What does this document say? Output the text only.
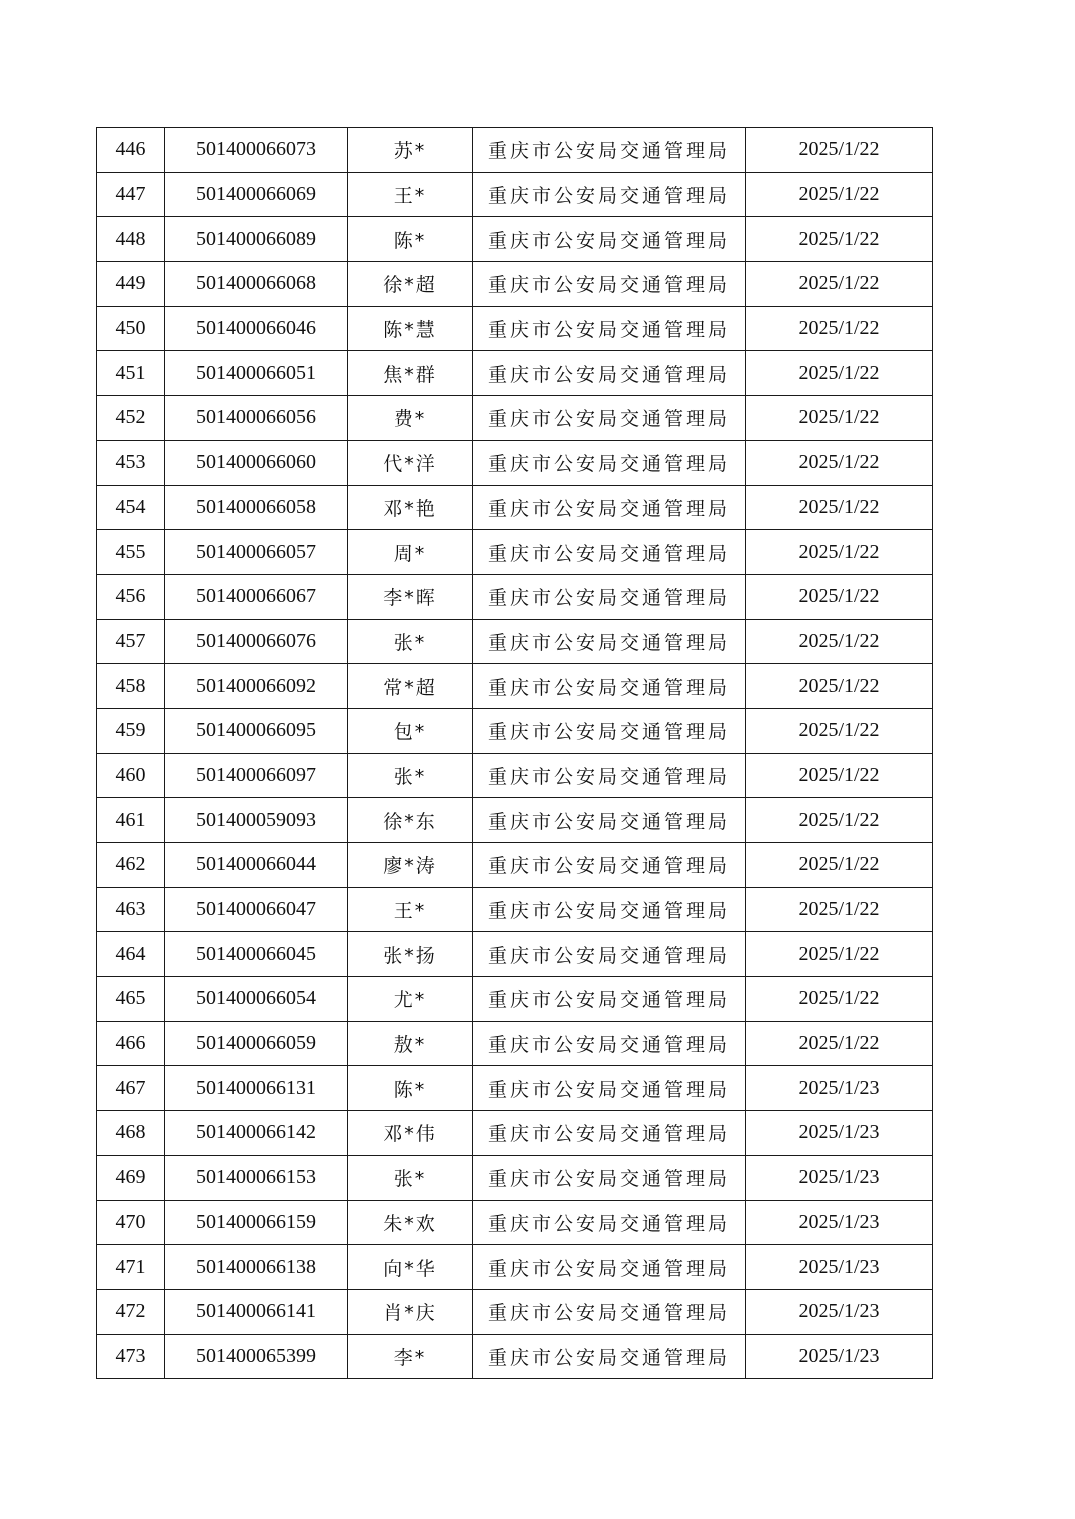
446	501400066073	苏*	重庆市公安局交通管理局	2025/1/22
447	501400066069	王*	重庆市公安局交通管理局	2025/1/22
448	501400066089	陈*	重庆市公安局交通管理局	2025/1/22
449	501400066068	徐*超	重庆市公安局交通管理局	2025/1/22
450	501400066046	陈*慧	重庆市公安局交通管理局	2025/1/22
451	501400066051	焦*群	重庆市公安局交通管理局	2025/1/22
452	501400066056	费*	重庆市公安局交通管理局	2025/1/22
453	501400066060	代*洋	重庆市公安局交通管理局	2025/1/22
454	501400066058	邓*艳	重庆市公安局交通管理局	2025/1/22
455	501400066057	周*	重庆市公安局交通管理局	2025/1/22
456	501400066067	李*晖	重庆市公安局交通管理局	2025/1/22
457	501400066076	张*	重庆市公安局交通管理局	2025/1/22
458	501400066092	常*超	重庆市公安局交通管理局	2025/1/22
459	501400066095	包*	重庆市公安局交通管理局	2025/1/22
460	501400066097	张*	重庆市公安局交通管理局	2025/1/22
461	501400059093	徐*东	重庆市公安局交通管理局	2025/1/22
462	501400066044	廖*涛	重庆市公安局交通管理局	2025/1/22
463	501400066047	王*	重庆市公安局交通管理局	2025/1/22
464	501400066045	张*扬	重庆市公安局交通管理局	2025/1/22
465	501400066054	尤*	重庆市公安局交通管理局	2025/1/22
466	501400066059	敖*	重庆市公安局交通管理局	2025/1/22
467	501400066131	陈*	重庆市公安局交通管理局	2025/1/23
468	501400066142	邓*伟	重庆市公安局交通管理局	2025/1/23
469	501400066153	张*	重庆市公安局交通管理局	2025/1/23
470	501400066159	朱*欢	重庆市公安局交通管理局	2025/1/23
471	501400066138	向*华	重庆市公安局交通管理局	2025/1/23
472	501400066141	肖*庆	重庆市公安局交通管理局	2025/1/23
473	501400065399	李*	重庆市公安局交通管理局	2025/1/23
